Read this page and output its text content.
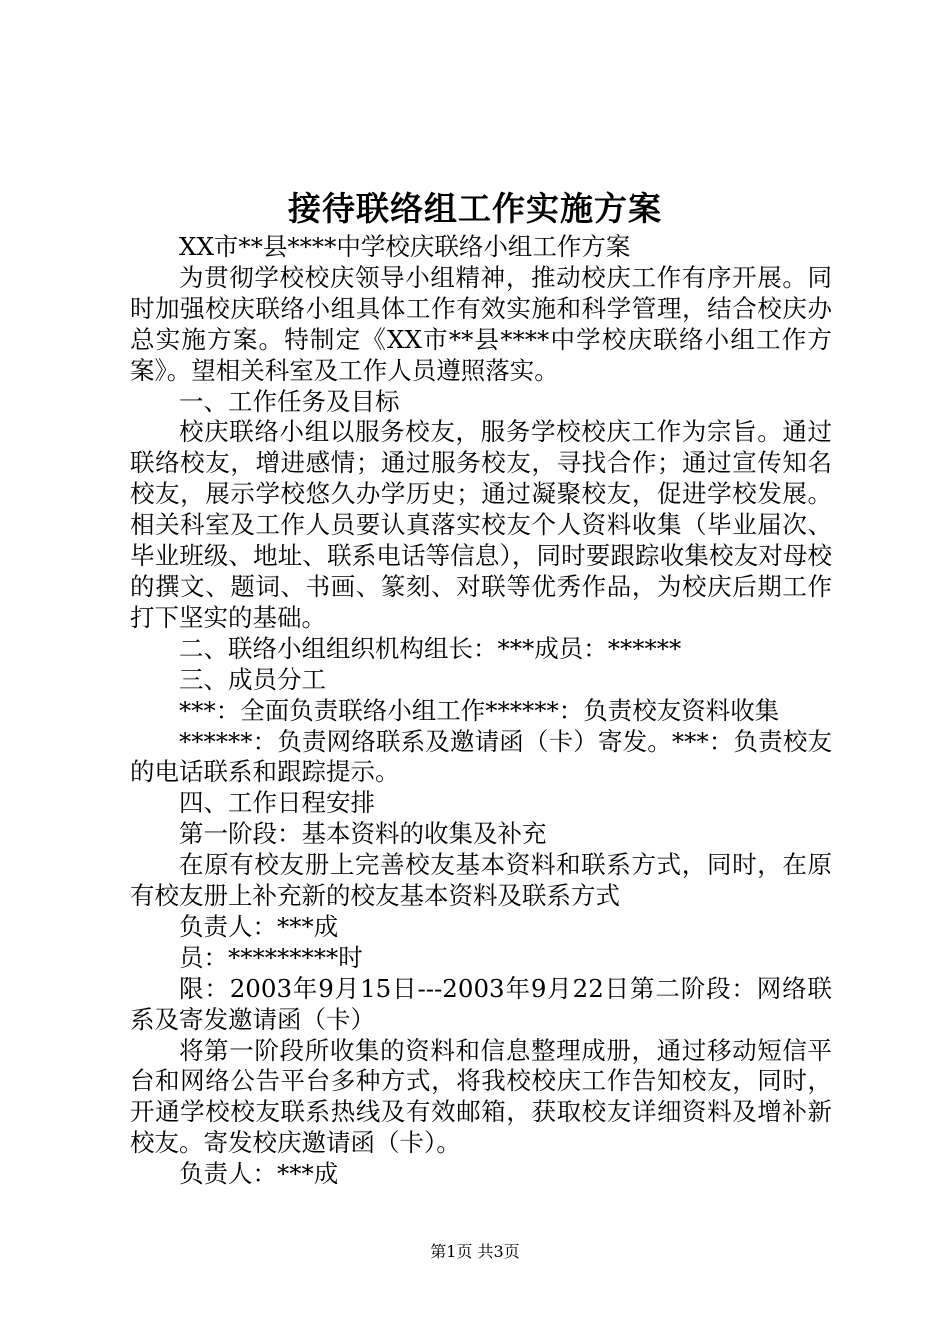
接待联络组工作实施方案

XX市**县****中学校庆联络小组工作方案

为贯彻学校校庆领导小组精神，推动校庆工作有序开展。同时加强校庆联络小组具体工作有效实施和科学管理，结合校庆办总实施方案。特制定《XX市**县****中学校庆联络小组工作方案》。望相关科室及工作人员遵照落实。

一、工作任务及目标

校庆联络小组以服务校友，服务学校校庆工作为宗旨。通过联络校友，增进感情；通过服务校友，寻找合作；通过宣传知名校友，展示学校悠久办学历史；通过凝聚校友，促进学校发展。相关科室及工作人员要认真落实校友个人资料收集（毕业届次、毕业班级、地址、联系电话等信息），同时要跟踪收集校友对母校的撰文、题词、书画、篆刻、对联等优秀作品，为校庆后期工作打下坚实的基础。

二、联络小组组织机构组长：***成员：******

三、成员分工

***：全面负责联络小组工作******：负责校友资料收集

******：负责网络联系及邀请函（卡）寄发。***：负责校友的电话联系和跟踪提示。

四、工作日程安排

第一阶段：基本资料的收集及补充

在原有校友册上完善校友基本资料和联系方式，同时，在原有校友册上补充新的校友基本资料及联系方式

负责人：***成

员：*********时

限：2003年9月15日---2003年9月22日第二阶段：网络联系及寄发邀请函（卡）

将第一阶段所收集的资料和信息整理成册，通过移动短信平台和网络公告平台多种方式，将我校校庆工作告知校友，同时，开通学校校友联系热线及有效邮箱，获取校友详细资料及增补新校友。寄发校庆邀请函（卡）。

负责人：***成

第1页 共3页
